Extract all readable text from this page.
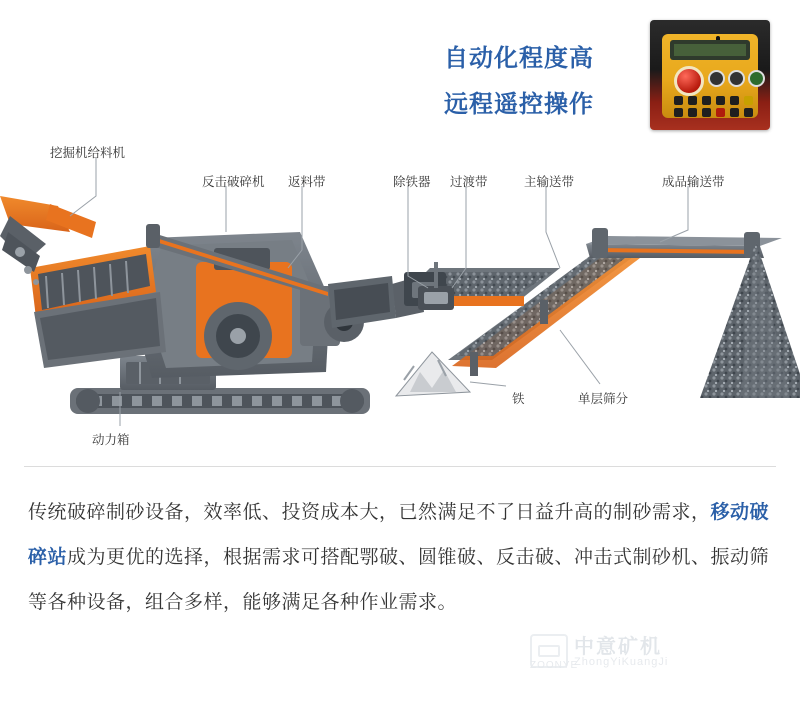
自动化程度高
远程遥控操作
挖掘机给料机
反击破碎机 返料带	除铁器 过渡带	主输送带	成品输送带
动力箱
铁	单层筛分
传统破碎制砂设备，效率低、投资成本大，已然满足不了日益升高的制砂需求，移动破碎站成为更优的选择，根据需求可搭配鄂破、圆锥破、反击破、冲击式制砂机、振动筛等各种设备，组合多样，能够满足各种作业需求。
中意矿机
ZhongYiKuangJi
ZOONYE
